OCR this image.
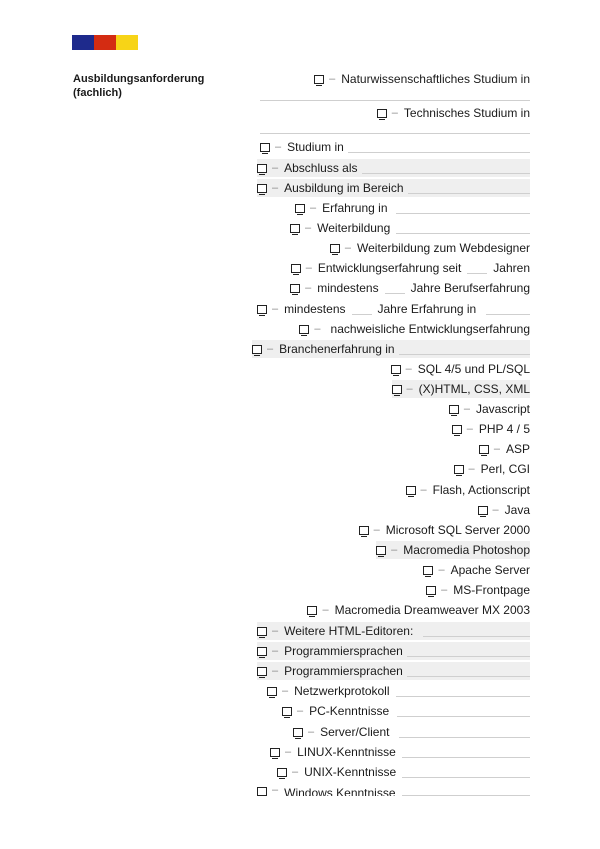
Ausbildungsanforderung (fachlich)
– Naturwissenschaftliches Studium in
– Technisches Studium in
– Studium in
– Abschluss als
– Ausbildung im Bereich
– Erfahrung in
– Weiterbildung
– Weiterbildung zum Webdesigner
– Entwicklungserfahrung seit	Jahren
– mindestens	Jahre Berufserfahrung
– mindestens	Jahre Erfahrung in
– nachweisliche Entwicklungserfahrung
– Branchenerfahrung in
– SQL 4/5 und PL/SQL
– (X)HTML, CSS, XML
– Javascript
– PHP 4 / 5
– ASP
– Perl, CGI
– Flash, Actionscript
– Java
– Microsoft SQL Server 2000
– Macromedia Photoshop
– Apache Server
– MS-Frontpage
– Macromedia Dreamweaver MX 2003
– Weitere HTML-Editoren:
– Programmiersprachen
– Programmiersprachen
– Netzwerkprotokoll
– PC-Kenntnisse
– Server/Client
– LINUX-Kenntnisse
– UNIX-Kenntnisse
– Windows Kenntnisse
